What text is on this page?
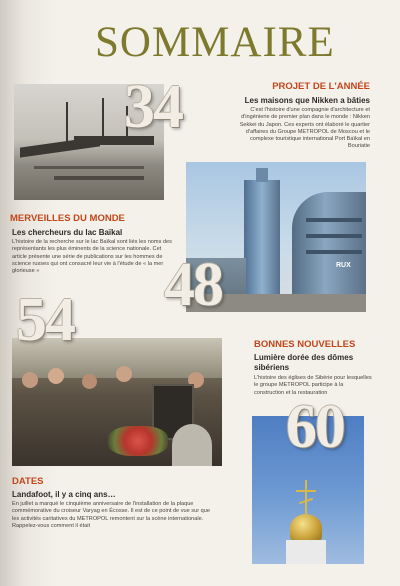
SOMMAIRE
RUX
34
48
54
60
PROJET DE L'ANNÉE
Les maisons que Nikken a bâties
C'est l'histoire d'une compagnie d'architecture et d'ingénierie de premier plan dans le monde : Nikken Sekkei du Japon. Ces experts ont élaboré le quartier d'affaires du Groupe METROPOL de Moscou et le complexe touristique international Port Baïkal en Bouriatie
MERVEILLES DU MONDE
Les chercheurs du lac Baïkal
L'histoire de la recherche sur le lac Baïkal sont liés les noms des représentants les plus éminents de la science nationale. Cet article présente une série de publications sur les hommes de science russes qui ont consacré leur vie à l'étude de « la mer glorieuse »
BONNES NOUVELLES
Lumière dorée des dômes sibériens
L'histoire des églises de Sibérie pour lesquelles le groupe METROPOL participe à la construction et la restauration
DATES
Landafoot, il y a cinq ans…
En juillet a marqué le cinquième anniversaire de l'installation de la plaque commémorative du croiseur Varyag en Écosse. Il est de ce point de vue sur que les activités caritatives du METROPOL remontent sur la scène internationale. Rappelez-vous comment il était
